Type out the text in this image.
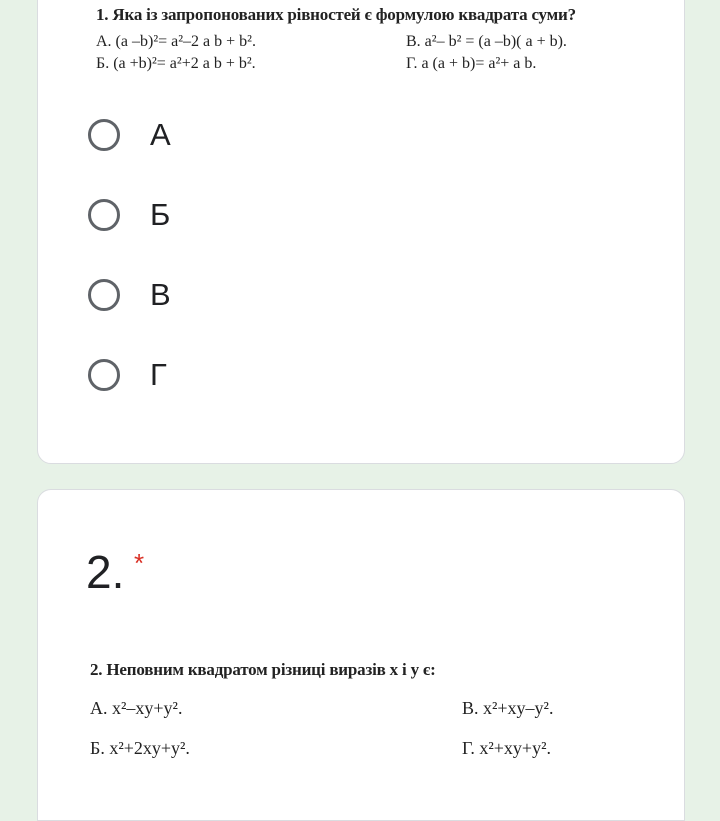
1. Яка із запропонованих рівностей є формулою квадрата суми?
А. (a –b)²= a²–2 a b + b².
Б. (a +b)²= a²+2 a b + b².
В. a²– b² = (a –b)( a + b).
Г. a (a + b)= a²+ a b.
А
Б
В
Г
2. *
2. Неповним квадратом різниці виразів x і y є:
А. x²–xy+y².	В. x²+xy–y².
Б. x²+2xy+y².	Г. x²+xy+y².
